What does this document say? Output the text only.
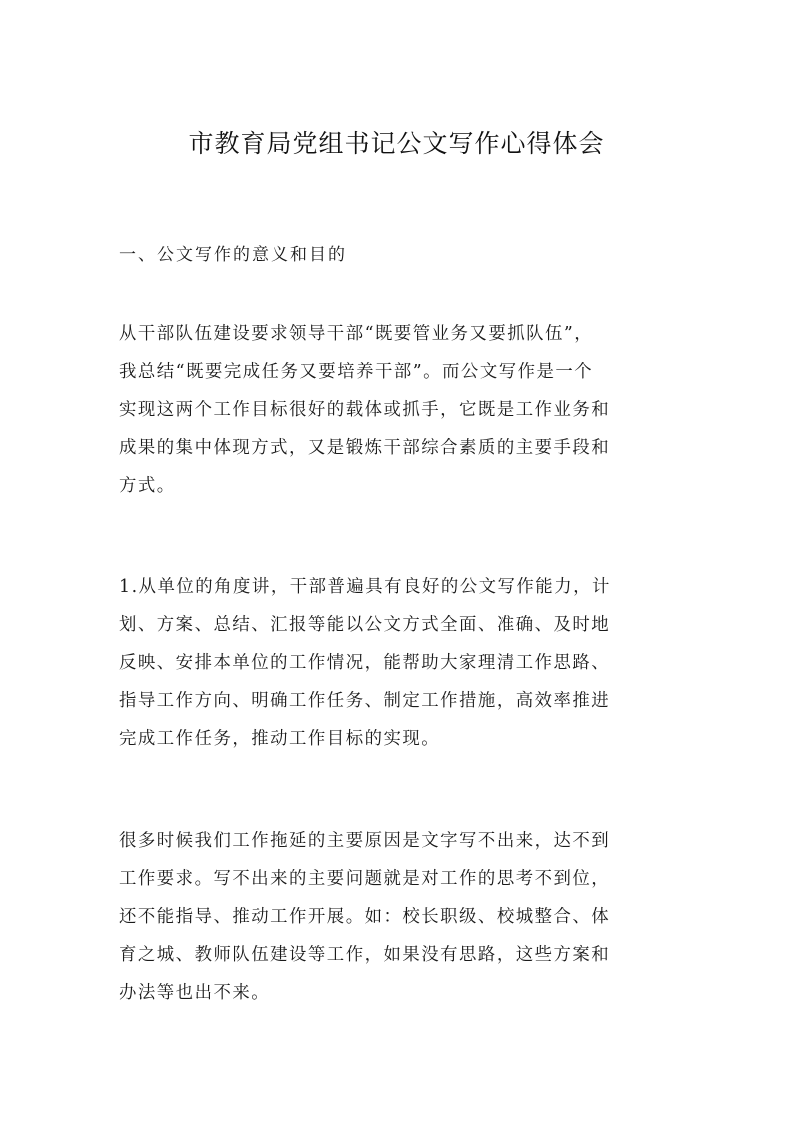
市教育局党组书记公文写作心得体会
一、公文写作的意义和目的

从干部队伍建设要求领导干部“既要管业务又要抓队伍”，
我总结“既要完成任务又要培养干部”。而公文写作是一个
实现这两个工作目标很好的载体或抓手，它既是工作业务和
成果的集中体现方式，又是锻炼干部综合素质的主要手段和
方式。

1.从单位的角度讲，干部普遍具有良好的公文写作能力，计
划、方案、总结、汇报等能以公文方式全面、准确、及时地
反映、安排本单位的工作情况，能帮助大家理清工作思路、
指导工作方向、明确工作任务、制定工作措施，高效率推进
完成工作任务，推动工作目标的实现。

很多时候我们工作拖延的主要原因是文字写不出来，达不到
工作要求。写不出来的主要问题就是对工作的思考不到位，
还不能指导、推动工作开展。如：校长职级、校城整合、体
育之城、教师队伍建设等工作，如果没有思路，这些方案和
办法等也出不来。
